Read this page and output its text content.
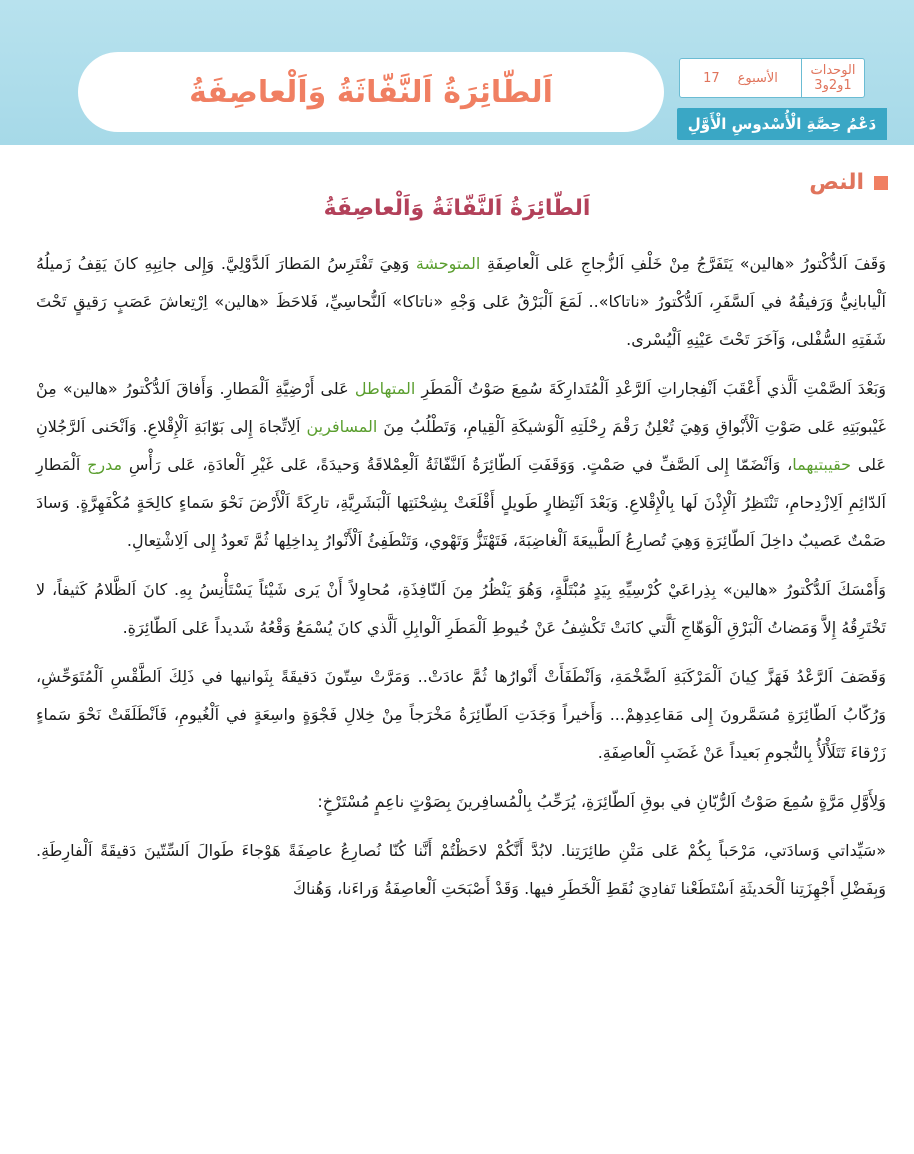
اَلطّائِرَةُ اَلنَّفّاثَةُ وَاَلْعاصِفَةُ
الوحدات
1و2و3
الأسبوع
17
دَعْمُ حِصَّةِ الْأُسْدوسِ الْأَوَّلِ
النص
اَلطّائِرَةُ اَلنَّفّاثَةُ وَاَلْعاصِفَةُ

وَقَفَ اَلدُّكْتورُ «هالين» يَتَفَرَّجُ مِنْ خَلْفِ اَلزُّجاجِ عَلى اَلْعاصِفَةِ المتوحشة وَهِيَ تَفْتَرِسُ المَطارَ اَلدَّوْلِيَّ. وَإِلى جانِبِهِ كانَ يَقِفُ زَميلُهُ اَلْيابانِيُّ وَرَفيقُهُ في اَلسَّفَرِ، اَلدُّكْتورُ «ناتاكا».. لَمَعَ اَلْبَرْقُ عَلى وَجْهِ «ناتاكا» اَلنُّحاسِيِّ، فَلاحَظَ «هالين» اِرْتِعاشَ عَصَبٍ رَقيقٍ تَحْتَ شَفَتِهِ السُّفْلى، وَآخَرَ تَحْتَ عَيْنِهِ اَلْيُسْرى.

وَبَعْدَ اَلصَّمْتِ اَلَّذي أَعْقَبَ اَنْفِجاراتِ اَلرَّعْدِ اَلْمُتَدارِكَةَ سُمِعَ صَوْتُ اَلْمَطَرِ المتهاطل عَلى أَرْضِيَّةِ اَلْمَطارِ. وَأَفاقَ اَلدُّكْتورُ «هالين» مِنْ غَيْبوبَتِهِ عَلى صَوْتِ اَلْأَبْواقِ وَهِيَ تُعْلِنُ رَقْمَ رِحْلَتِهِ اَلْوَشيكَةِ اَلْقِيامِ، وَتَطْلُبُ مِنَ المسافرين اَلِاتِّجاهَ إِلى بَوّابَةِ اَلْإِقْلاعِ. وَاَنْحَنى اَلرَّجُلانِ عَلى حقيبتيهما، وَاَنْضَمّا إِلى اَلصَّفِّ في صَمْتٍ. وَوَقَفَتِ اَلطّائِرَةُ اَلنَّفّاثَةُ اَلْعِمْلاقَةُ وَحيدَةً، عَلى غَيْرِ اَلْعادَةِ، عَلى رَأْسِ مدرج اَلْمَطارِ اَلدّائِمِ اَلِازْدِحامِ، تَنْتَظِرُ اَلْإِذْنَ لَها بِالْإِقْلاعِ. وَبَعْدَ اَنْتِظارٍ طَويلٍ أَقْلَعَتْ بِشِحْنَتِها اَلْبَشَرِيَّةِ، تارِكَةً اَلْأَرْضَ نَحْوَ سَماءٍ كالِحَةٍ مُكْفَهِرَّةٍ. وَسادَ صَمْتٌ عَصيبٌ داخِلَ اَلطّائِرَةِ وَهِيَ تُصارِعُ اَلطَّبيعَةَ اَلْغاضِبَةَ، فَتَهْتَزُّ وَتَهْوي، وَتَنْطَفِئُ اَلْأَنْوارُ بِداخِلِها ثُمَّ تَعودُ إِلى اَلِاشْتِعالِ.

وَأَمْسَكَ اَلدُّكْتورُ «هالين» بِذِراعَيْ كُرْسِيِّهِ بِيَدٍ مُبْتَلَّةٍ، وَهُوَ يَنْظُرُ مِنَ اَلنّافِذَةِ، مُحاوِلاً أَنْ يَرى شَيْئاً يَسْتَأْنِسُ بِهِ. كانَ اَلظَّلامُ كَثيفاً، لا تَخْتَرِقُهُ إِلاَّ وَمَضاتُ اَلْبَرْقِ اَلْوَهّاجِ اَلَّتي كانَتْ تَكْشِفُ عَنْ خُيوطِ اَلْمَطَرِ اَلْوابِلِ اَلَّذي كانَ يُسْمَعُ وَقْعُهُ شَديداً عَلى اَلطّائِرَةِ.

وَقَصَفَ اَلرَّعْدُ فَهَزَّ كِيانَ اَلْمَرْكَبَةِ اَلضَّخْمَةِ، وَاَنْطَفَأَتْ أَنْوارُها ثُمَّ عادَتْ.. وَمَرَّتْ سِتّونَ دَقيقَةً بِثَوانيها في ذَلِكَ اَلطَّقْسِ اَلْمُتَوَحِّشِ، وَرُكّابُ اَلطّائِرَةِ مُسَمَّرونَ إِلى مَقاعِدِهِمْ... وَأَخيراً وَجَدَتِ اَلطّائِرَةُ مَخْرَجاً مِنْ خِلالِ فَجْوَةٍ واسِعَةٍ في اَلْغُيومِ، فَاَنْطَلَقَتْ نَحْوَ سَماءٍ زَرْقاءَ تَتَلَأْلَأُ بِالنُّجومِ بَعيداً عَنْ غَضَبِ اَلْعاصِفَةِ.

وَلِأَوَّلِ مَرَّةٍ سُمِعَ صَوْتُ اَلرُّبّانِ في بوقِ اَلطّائِرَةِ، يُرَحِّبُ بِالْمُسافِرينَ بِصَوْتٍ ناعِمٍ مُسْتَرْخٍ:

«سَيِّداتي وَسادَتي، مَرْحَباً بِكُمْ عَلى مَتْنِ طائِرَتِنا. لابُدَّ أَنَّكُمْ لاحَظْتُمْ أَنَّنا كُنّا نُصارِعُ عاصِفَةً هَوْجاءَ طَوالَ اَلسِّتّينَ دَقيقَةً اَلْفارِطَةِ. وَبِفَضْلِ أَجْهِزَتِنا اَلْحَديثَةِ اَسْتَطَعْنا تَفادِيَ نُقَطِ اَلْخَطَرِ فيها. وَقَدْ أَصْبَحَتِ اَلْعاصِفَةُ وَراءَنا، وَهُناكَ
